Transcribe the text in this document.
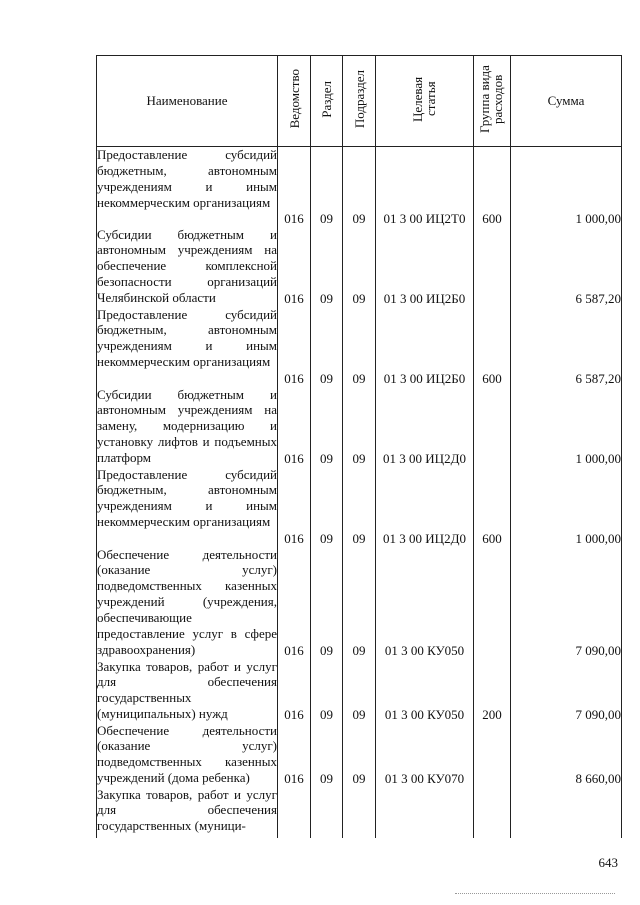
Наименование	Ведомство	Раздел	Подраздел	Целевая статья	Группа вида расходов	Сумма
Предоставление субсидий бюджетным, автономным учреждениям и иным некоммерческим организациям	016	09	09	01 3 00 ИЦ2Т0	600	1 000,00
Субсидии бюджетным и автономным учреждениям на обеспечение комплексной безопасности организаций Челябинской области	016	09	09	01 3 00 ИЦ2Б0		6 587,20
Предоставление субсидий бюджетным, автономным учреждениям и иным некоммерческим организациям	016	09	09	01 3 00 ИЦ2Б0	600	6 587,20
Субсидии бюджетным и автономным учреждениям на замену, модернизацию и установку лифтов и подъемных платформ	016	09	09	01 3 00 ИЦ2Д0		1 000,00
Предоставление субсидий бюджетным, автономным учреждениям и иным некоммерческим организациям	016	09	09	01 3 00 ИЦ2Д0	600	1 000,00
Обеспечение деятельности (оказание услуг) подведомственных казенных учреждений (учреждения, обеспечивающие предоставление услуг в сфере здравоохранения)	016	09	09	01 3 00 КУ050		7 090,00
Закупка товаров, работ и услуг для обеспечения государственных (муниципальных) нужд	016	09	09	01 3 00 КУ050	200	7 090,00
Обеспечение деятельности (оказание услуг) подведомственных казенных учреждений (дома ребенка)	016	09	09	01 3 00 КУ070		8 660,00
Закупка товаров, работ и услуг для обеспечения государственных (муници-						
643
